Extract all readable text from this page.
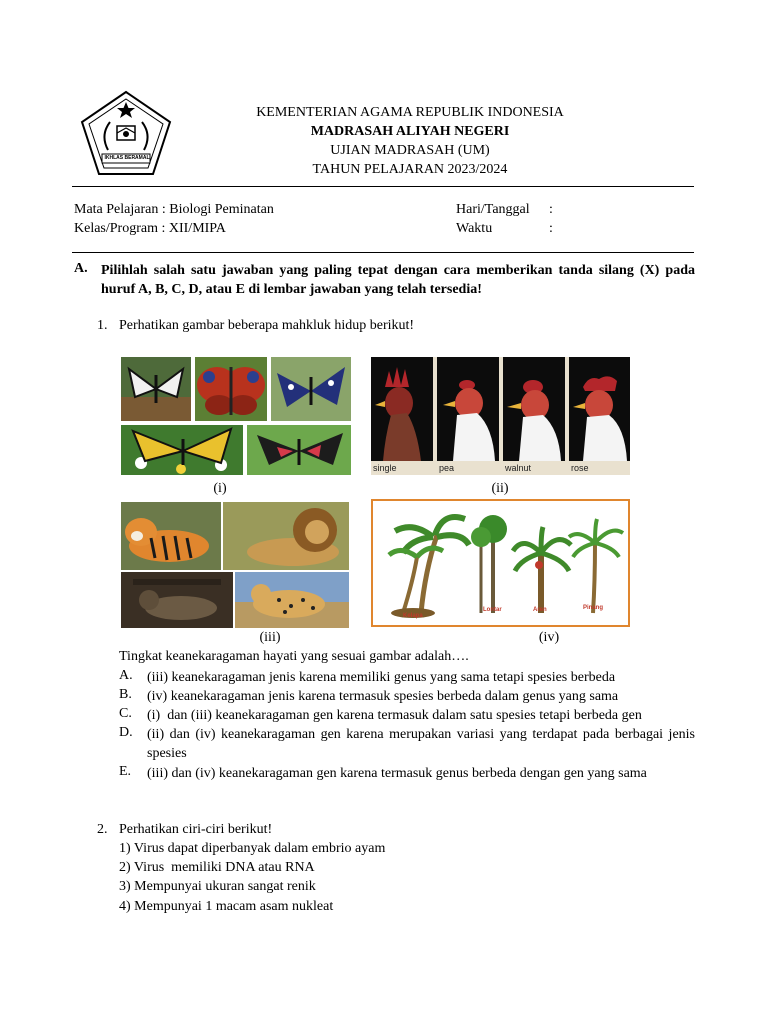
IKHLAS BERAMAL
KEMENTERIAN AGAMA REPUBLIK INDONESIA
MADRASAH ALIYAH NEGERI
UJIAN MADRASAH (UM)
TAHUN PELAJARAN 2023/2024
Mata Pelajaran : Biologi Peminatan
Kelas/Program : XII/MIPA
Hari/Tanggal
Waktu
:
:
A. Pilihlah salah satu jawaban yang paling tepat dengan cara memberikan tanda silang (X) pada huruf A, B, C, D, atau E di lembar jawaban yang telah tersedia!
1. Perhatikan gambar beberapa mahkluk hidup berikut!
single	pea	walnut	rose
(i)	(ii)
Kelapa
Lontar	Aren	Pinang
(iii)	(iv)
Tingkat keanekaragaman hayati yang sesuai gambar adalah….
A. (iii) keanekaragaman jenis karena memiliki genus yang sama tetapi spesies berbeda
B. (iv) keanekaragaman jenis karena termasuk spesies berbeda dalam genus yang sama
C. (i)  dan (iii) keanekaragaman gen karena termasuk dalam satu spesies tetapi berbeda gen
D. (ii) dan (iv) keanekaragaman gen karena merupakan variasi yang terdapat pada berbagai jenis spesies
E. (iii) dan (iv) keanekaragaman gen karena termasuk genus berbeda dengan gen yang sama
2. Perhatikan ciri-ciri berikut!
1) Virus dapat diperbanyak dalam embrio ayam
2) Virus  memiliki DNA atau RNA
3) Mempunyai ukuran sangat renik
4) Mempunyai 1 macam asam nukleat
